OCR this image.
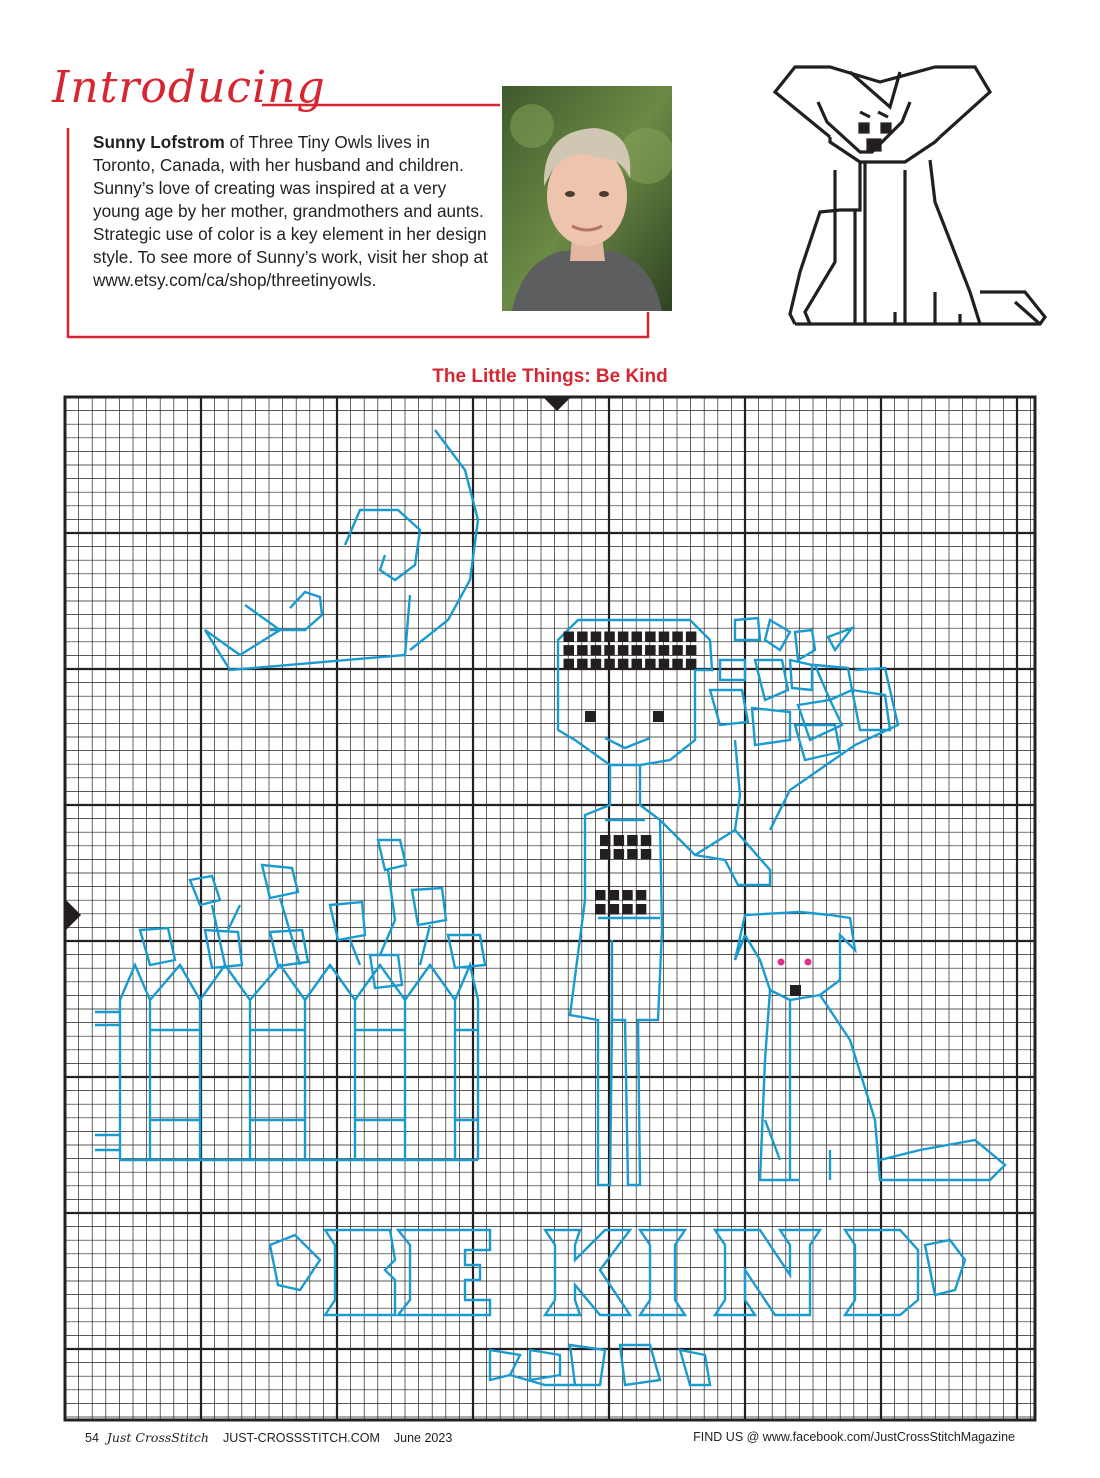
Introducing
Sunny Lofstrom of Three Tiny Owls lives in Toronto, Canada, with her husband and children. Sunny’s love of creating was inspired at a very young age by her mother, grandmothers and aunts. Strategic use of color is a key element in her design style. To see more of Sunny’s work, visit her shop at www.etsy.com/ca/shop/threetinyowls.
The Little Things: Be Kind
54 Just CrossStitch JUST-CROSSSTITCH.COM June 2023	FIND US @ www.facebook.com/JustCrossStitchMagazine
